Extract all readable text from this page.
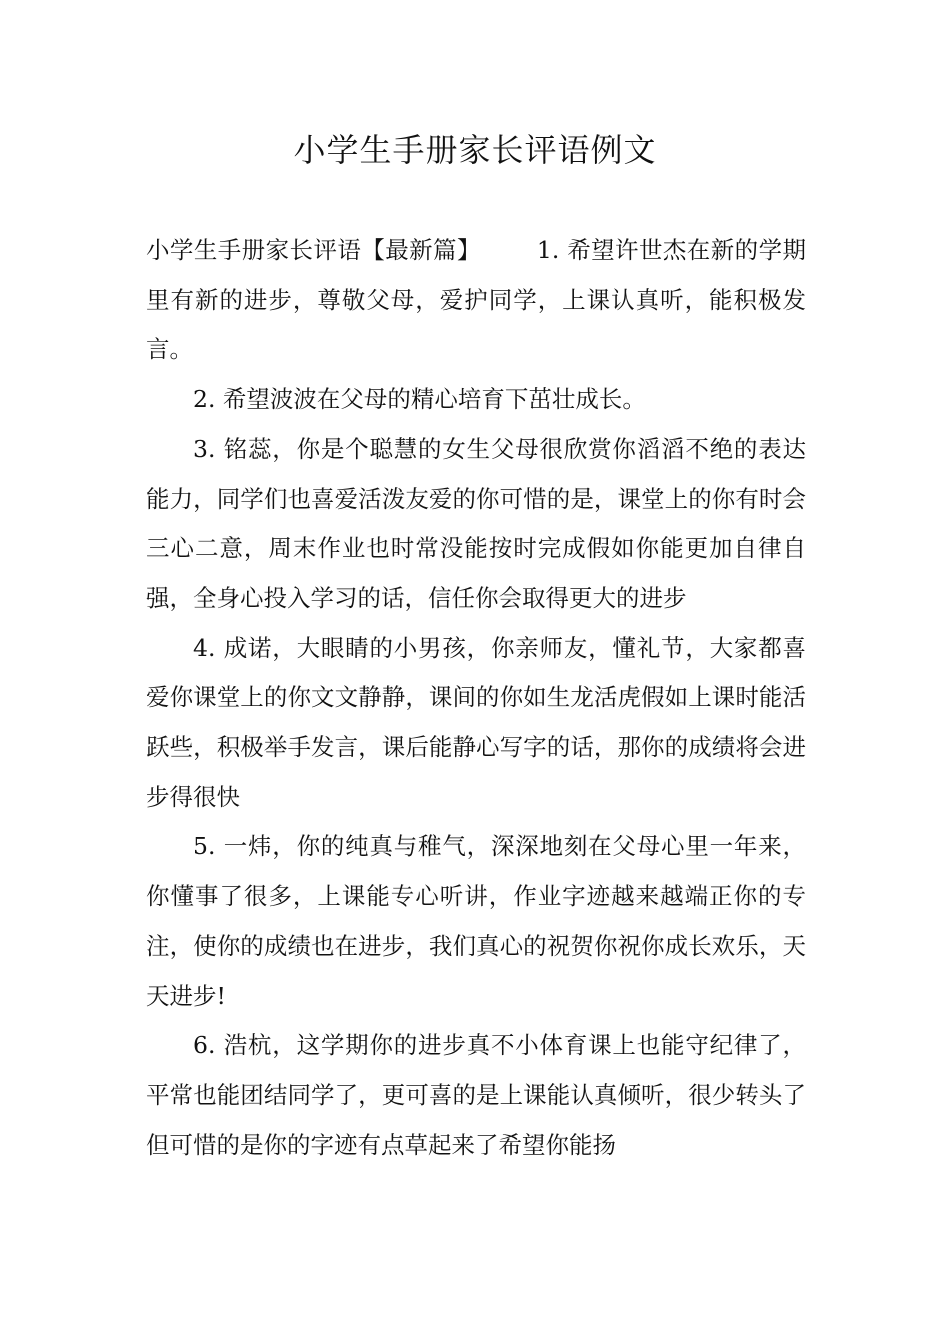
小学生手册家长评语例文

小学生手册家长评语【最新篇】 1. 希望许世杰在新的学期里有新的进步，尊敬父母，爱护同学，上课认真听，能积极发言。

2. 希望波波在父母的精心培育下茁壮成长。

3. 铭蕊，你是个聪慧的女生父母很欣赏你滔滔不绝的表达能力，同学们也喜爱活泼友爱的你可惜的是，课堂上的你有时会三心二意，周末作业也时常没能按时完成假如你能更加自律自强，全身心投入学习的话，信任你会取得更大的进步

4. 成诺，大眼睛的小男孩，你亲师友，懂礼节，大家都喜爱你课堂上的你文文静静，课间的你如生龙活虎假如上课时能活跃些，积极举手发言，课后能静心写字的话，那你的成绩将会进步得很快

5. 一炜，你的纯真与稚气，深深地刻在父母心里一年来，你懂事了很多，上课能专心听讲，作业字迹越来越端正你的专注，使你的成绩也在进步，我们真心的祝贺你祝你成长欢乐，天天进步!

6. 浩杭，这学期你的进步真不小体育课上也能守纪律了，平常也能团结同学了，更可喜的是上课能认真倾听，很少转头了但可惜的是你的字迹有点草起来了希望你能扬
